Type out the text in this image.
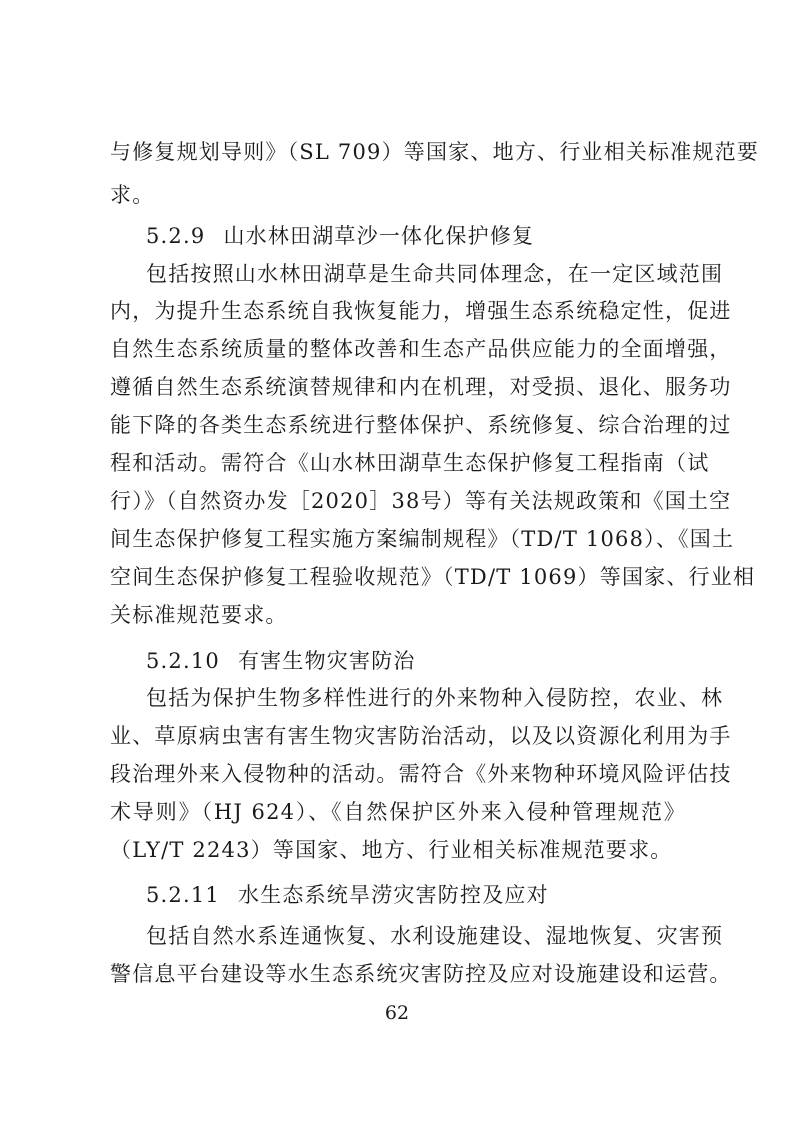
与修复规划导则》（SL 709）等国家、地方、行业相关标准规范要
求。
5.2.9 山水林田湖草沙一体化保护修复
包括按照山水林田湖草是生命共同体理念，在一定区域范围
内，为提升生态系统自我恢复能力，增强生态系统稳定性，促进
自然生态系统质量的整体改善和生态产品供应能力的全面增强，
遵循自然生态系统演替规律和内在机理，对受损、退化、服务功
能下降的各类生态系统进行整体保护、系统修复、综合治理的过
程和活动。需符合《山水林田湖草生态保护修复工程指南（试
行）》（自然资办发［2020］38号）等有关法规政策和《国土空
间生态保护修复工程实施方案编制规程》（TD/T 1068）、《国土
空间生态保护修复工程验收规范》（TD/T 1069）等国家、行业相
关标准规范要求。
5.2.10 有害生物灾害防治
包括为保护生物多样性进行的外来物种入侵防控，农业、林
业、草原病虫害有害生物灾害防治活动，以及以资源化利用为手
段治理外来入侵物种的活动。需符合《外来物种环境风险评估技
术导则》（HJ 624）、《自然保护区外来入侵种管理规范》
（LY/T 2243）等国家、地方、行业相关标准规范要求。
5.2.11 水生态系统旱涝灾害防控及应对
包括自然水系连通恢复、水利设施建设、湿地恢复、灾害预
警信息平台建设等水生态系统灾害防控及应对设施建设和运营。
62
